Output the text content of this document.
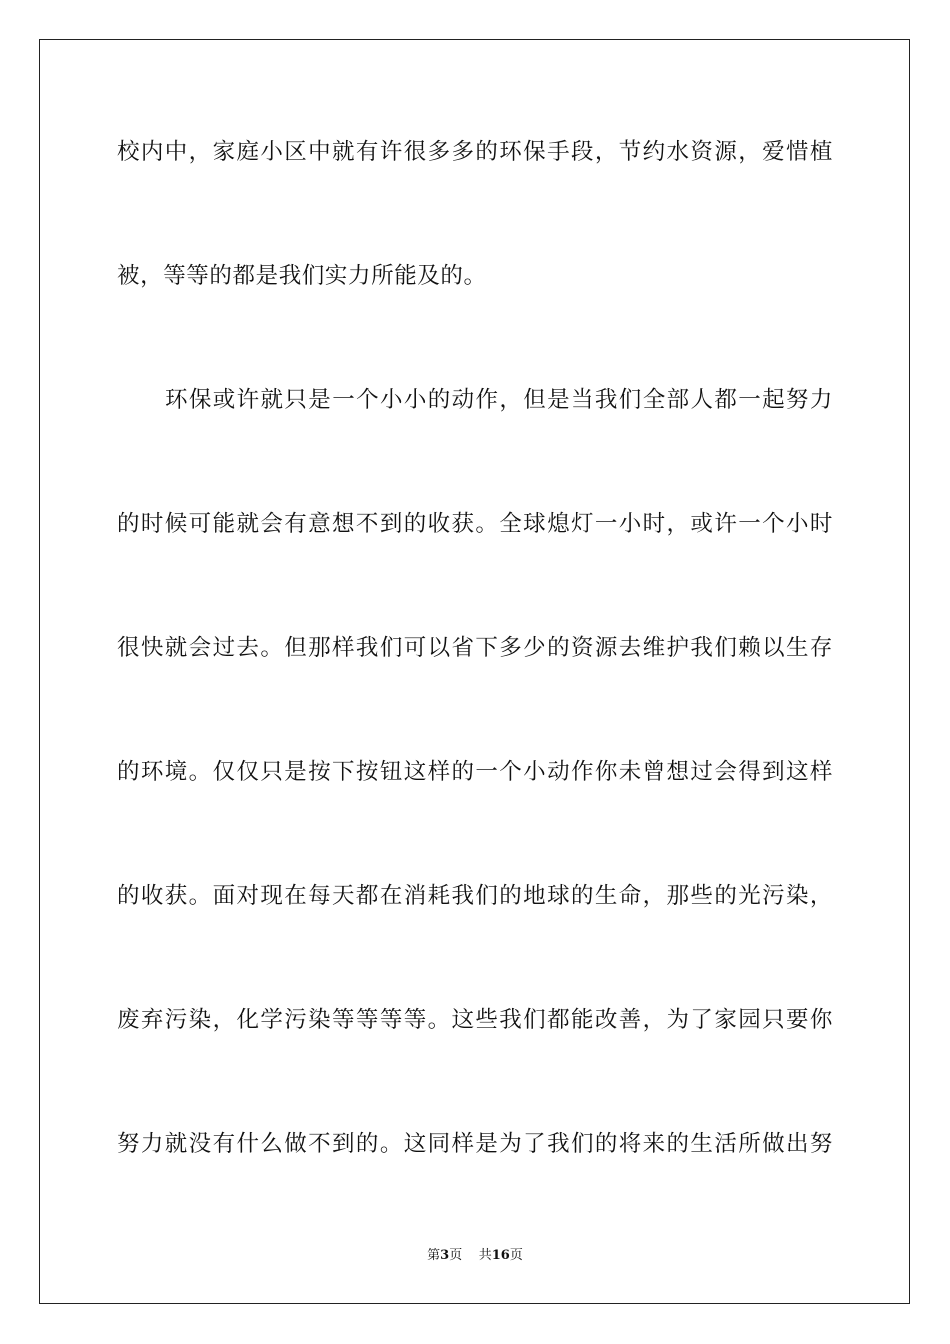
校内中，家庭小区中就有许很多多的环保手段，节约水资源，爱惜植
被，等等的都是我们实力所能及的。
环保或许就只是一个小小的动作，但是当我们全部人都一起努力
的时候可能就会有意想不到的收获。全球熄灯一小时，或许一个小时
很快就会过去。但那样我们可以省下多少的资源去维护我们赖以生存
的环境。仅仅只是按下按钮这样的一个小动作你未曾想过会得到这样
的收获。面对现在每天都在消耗我们的地球的生命，那些的光污染，
废弃污染，化学污染等等等等。这些我们都能改善，为了家园只要你
努力就没有什么做不到的。这同样是为了我们的将来的生活所做出努
第3页 共16页
